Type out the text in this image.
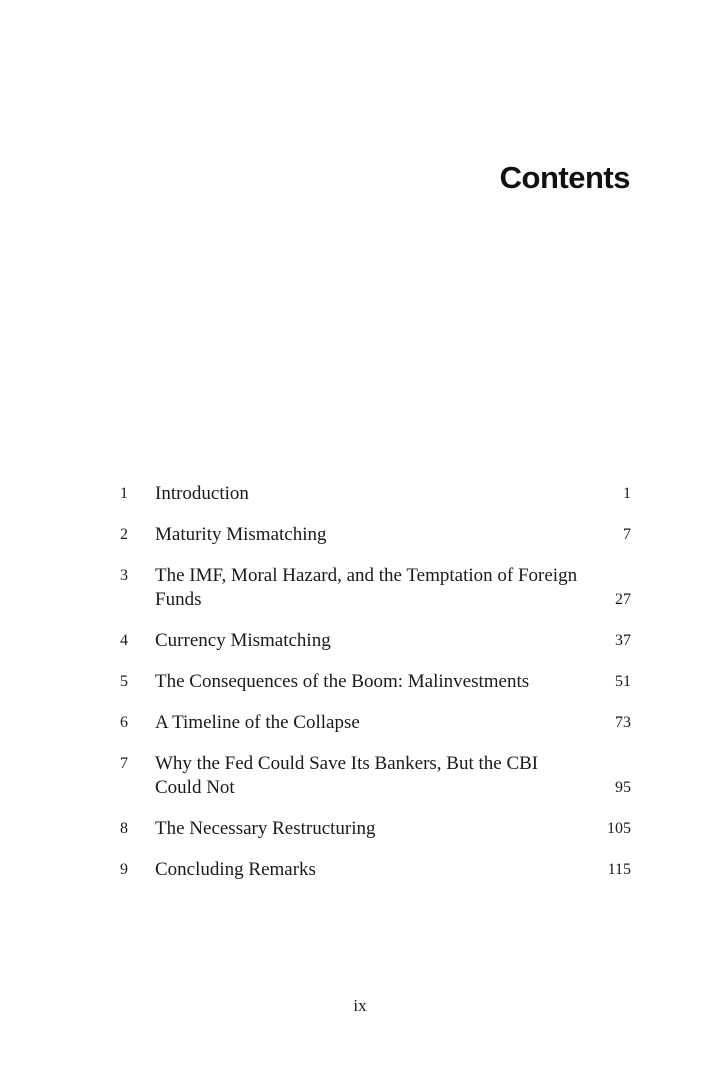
Contents
1 Introduction	1
2 Maturity Mismatching	7
3 The IMF, Moral Hazard, and the Temptation of Foreign Funds	27
4 Currency Mismatching	37
5 The Consequences of the Boom: Malinvestments	51
6 A Timeline of the Collapse	73
7 Why the Fed Could Save Its Bankers, But the CBI Could Not	95
8 The Necessary Restructuring	105
9 Concluding Remarks	115
ix
